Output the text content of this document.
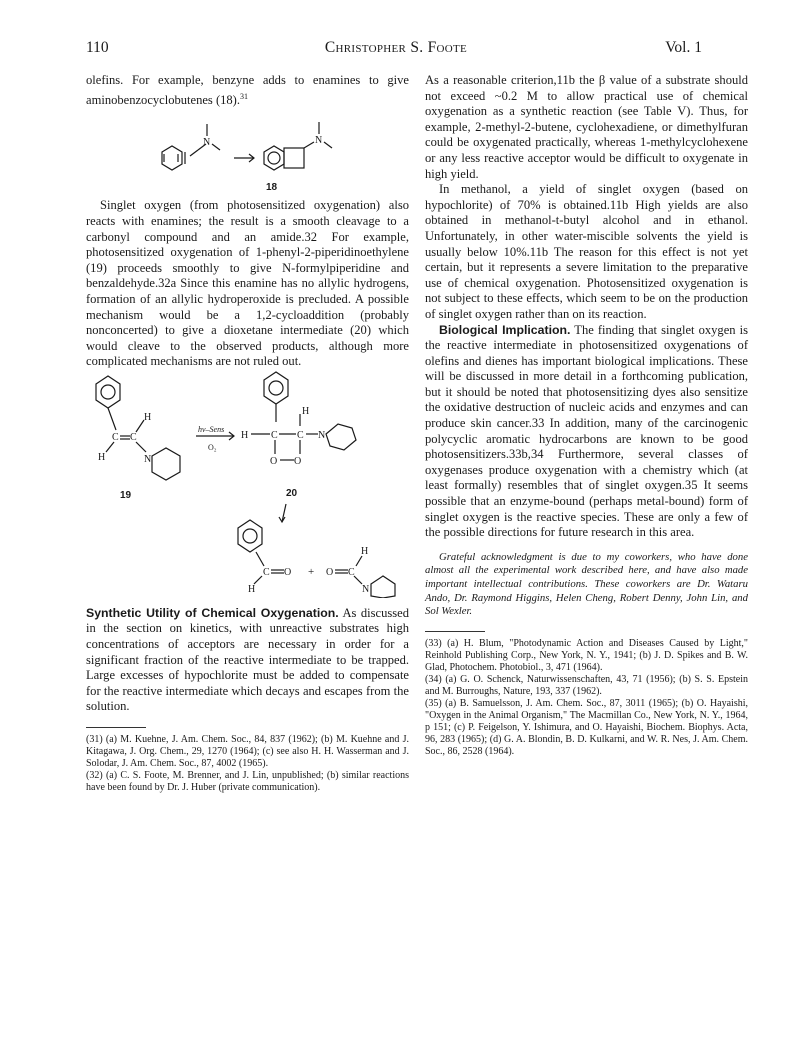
110	Christopher S. Foote	Vol. 1

olefins. For example, benzyne adds to enamines to give aminobenzocyclobutenes (18).$^{31}$

N	N
18

Singlet oxygen (from photosensitized oxygenation) also reacts with enamines; the result is a smooth cleavage to a carbonyl compound and an amide.32 For example, photosensitized oxygenation of 1-phenyl-2-piperidinoethylene (19) proceeds smoothly to give N-formylpiperidine and benzaldehyde.32a Since this enamine has no allylic hydrogens, formation of an allylic hydroperoxide is precluded. A possible mechanism would be a 1,2-cycloaddition (probably nonconcerted) to give a dioxetane intermediate (20) which would cleave to the observed products, although more complicated mechanisms are not ruled out.

C C
H
H	N
19
hν–Sens
O₂
H C C
H
N
O O
20
C O
H
+ O C
H
N

Synthetic Utility of Chemical Oxygenation. As discussed in the section on kinetics, with unreactive substrates high concentrations of acceptors are necessary in order for a significant fraction of the reactive intermediate to be trapped. Large excesses of hypochlorite must be added to compensate for the reactive intermediate which decays and escapes from the solution.

(31) (a) M. Kuehne, J. Am. Chem. Soc., 84, 837 (1962); (b) M. Kuehne and J. Kitagawa, J. Org. Chem., 29, 1270 (1964); (c) see also H. H. Wasserman and J. Solodar, J. Am. Chem. Soc., 87, 4002 (1965).

(32) (a) C. S. Foote, M. Brenner, and J. Lin, unpublished; (b) similar reactions have been found by Dr. J. Huber (private communication).

As a reasonable criterion,11b the β value of a substrate should not exceed ~0.2 M to allow practical use of chemical oxygenation as a synthetic reaction (see Table V). Thus, for example, 2-methyl-2-butene, cyclohexadiene, or dimethylfuran could be oxygenated practically, whereas 1-methylcyclohexene or any less reactive acceptor would be difficult to oxygenate in high yield.

In methanol, a yield of singlet oxygen (based on hypochlorite) of 70% is obtained.11b High yields are also obtained in methanol-t-butyl alcohol and in ethanol. Unfortunately, in other water-miscible solvents the yield is usually below 10%.11b The reason for this effect is not yet certain, but it represents a severe limitation to the preparative use of chemical oxygenation. Photosensitized oxygenation is not subject to these effects, which seem to be on the production of singlet oxygen rather than on its reaction.

Biological Implication. The finding that singlet oxygen is the reactive intermediate in photosensitized oxygenations of olefins and dienes has important biological implications. These will be discussed in more detail in a forthcoming publication, but it should be noted that photosensitizing dyes also sensitize the oxidative destruction of nucleic acids and enzymes and can produce skin cancer.33 In addition, many of the carcinogenic polycyclic aromatic hydrocarbons are known to be good photosensitizers.33b,34 Furthermore, several classes of oxygenases produce oxygenation with a chemistry which (at least formally) resembles that of singlet oxygen.35 It seems possible that an enzyme-bound (perhaps metal-bound) form of singlet oxygen is the reactive species. These are only a few of the possible directions for future research in this area.

Grateful acknowledgment is due to my coworkers, who have done almost all the experimental work described here, and have also made important intellectual contributions. These coworkers are Dr. Wataru Ando, Dr. Raymond Higgins, Helen Cheng, Robert Denny, John Lin, and Sol Wexler.

(33) (a) H. Blum, "Photodynamic Action and Diseases Caused by Light," Reinhold Publishing Corp., New York, N. Y., 1941; (b) J. D. Spikes and B. W. Glad, Photochem. Photobiol., 3, 471 (1964).

(34) (a) G. O. Schenck, Naturwissenschaften, 43, 71 (1956); (b) S. S. Epstein and M. Burroughs, Nature, 193, 337 (1962).

(35) (a) B. Samuelsson, J. Am. Chem. Soc., 87, 3011 (1965); (b) O. Hayaishi, "Oxygen in the Animal Organism," The Macmillan Co., New York, N. Y., 1964, p 151; (c) P. Feigelson, Y. Ishimura, and O. Hayaishi, Biochem. Biophys. Acta, 96, 283 (1965); (d) G. A. Blondin, B. D. Kulkarni, and W. R. Nes, J. Am. Chem. Soc., 86, 2528 (1964).
